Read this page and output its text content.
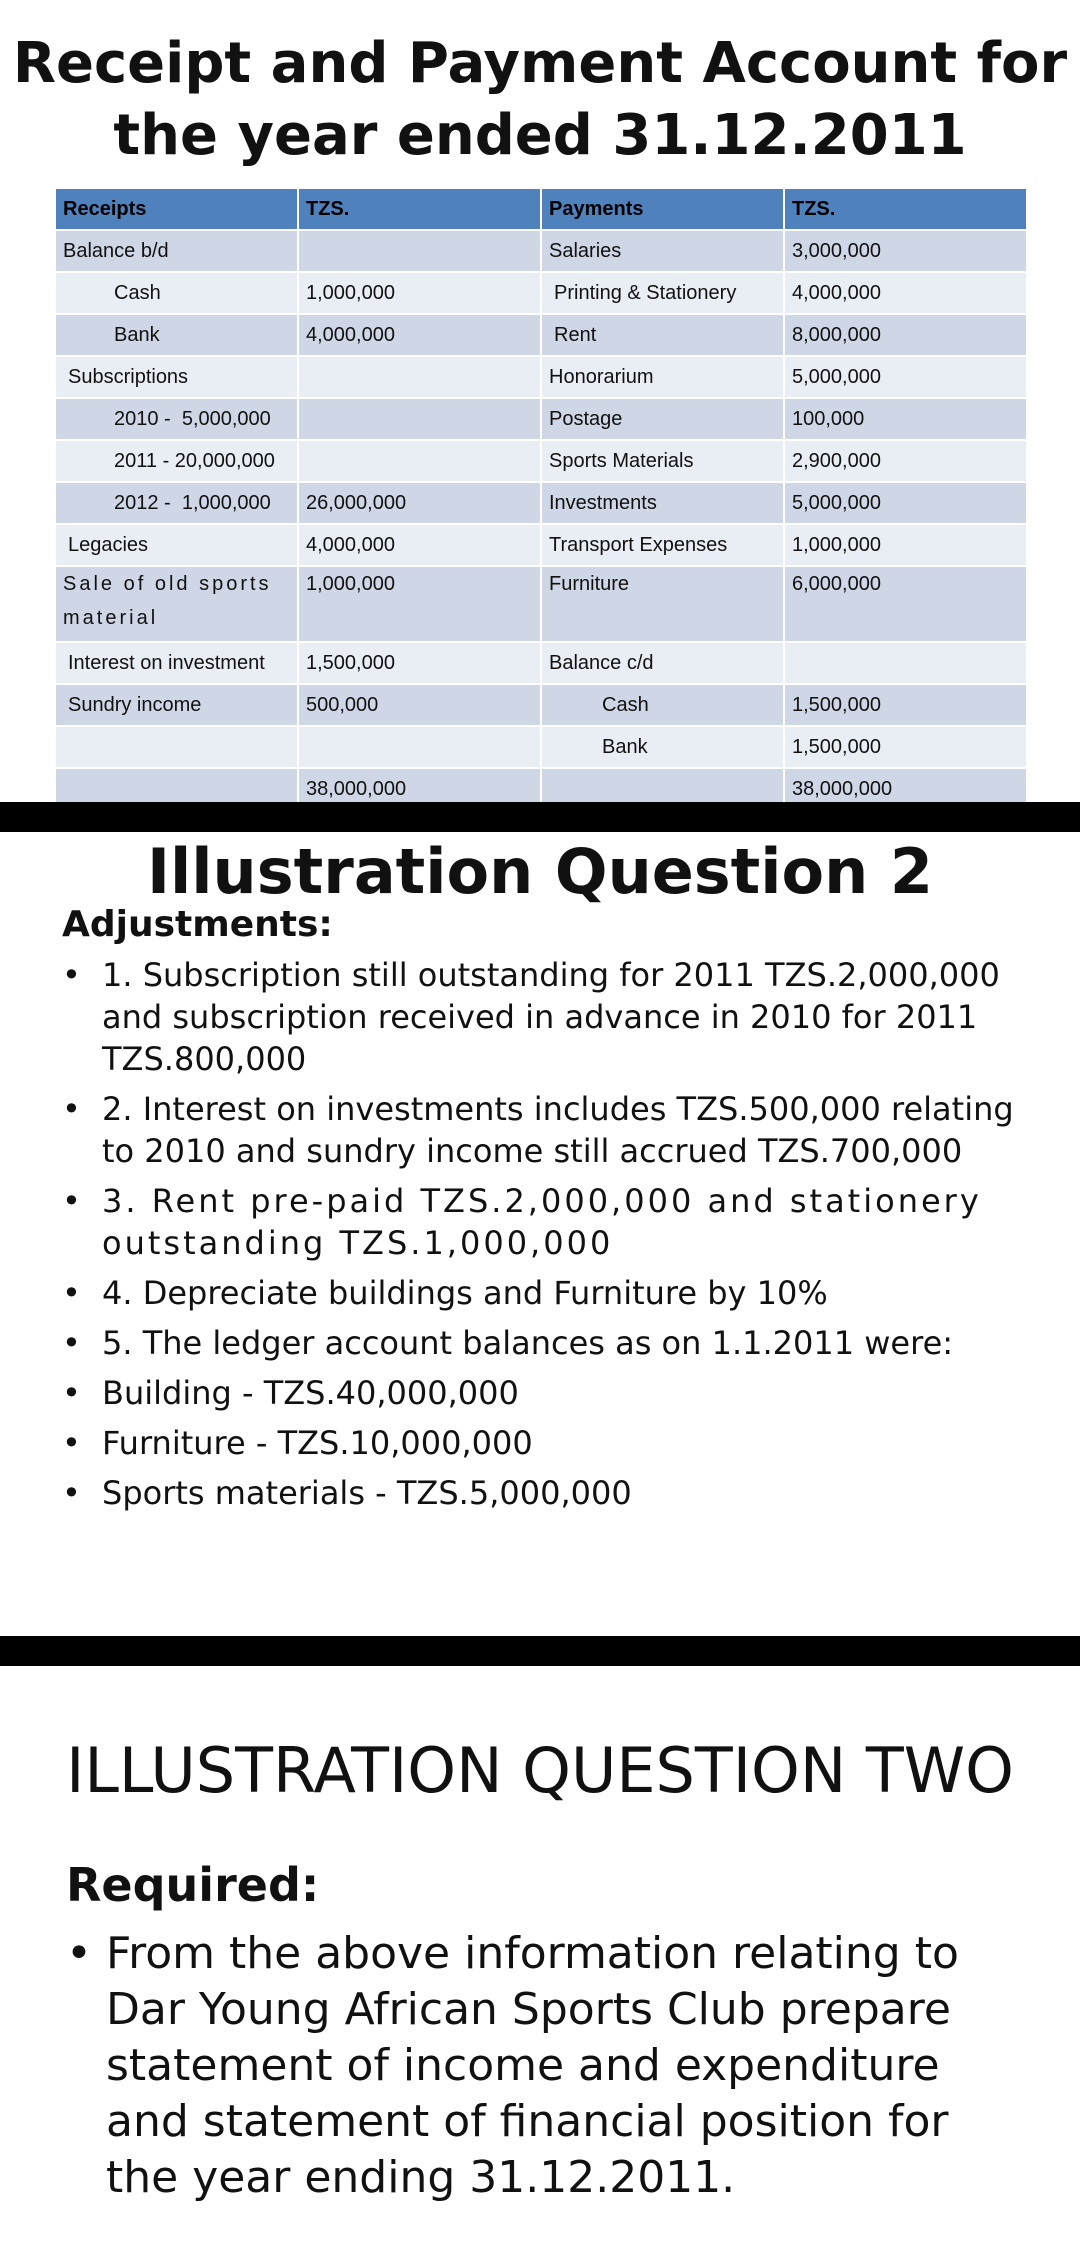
Receipt and Payment Account for
the year ended 31.12.2011
Receipts	TZS.	Payments	TZS.
Balance b/d		Salaries	3,000,000
Cash	1,000,000	Printing & Stationery	4,000,000
Bank	4,000,000	Rent	8,000,000
Subscriptions		Honorarium	5,000,000
2010 -  5,000,000		Postage	100,000
2011 - 20,000,000		Sports Materials	2,900,000
2012 -  1,000,000	26,000,000	Investments	5,000,000
Legacies	4,000,000	Transport Expenses	1,000,000
Sale of old sports material	1,000,000	Furniture	6,000,000
Interest on investment	1,500,000	Balance c/d	
Sundry income	500,000	Cash	1,500,000
		Bank	1,500,000
	38,000,000		38,000,000
Illustration Question 2
Adjustments:
• 1. Subscription still outstanding for 2011 TZS.2,000,000 and subscription received in advance in 2010 for 2011 TZS.800,000
• 2. Interest on investments includes TZS.500,000 relating to 2010 and sundry income still accrued TZS.700,000
• 3. Rent pre-paid TZS.2,000,000 and stationery outstanding TZS.1,000,000
• 4. Depreciate buildings and Furniture by 10%
• 5. The ledger account balances as on 1.1.2011 were:
• Building - TZS.40,000,000
• Furniture - TZS.10,000,000
• Sports materials - TZS.5,000,000
ILLUSTRATION QUESTION TWO
Required:
• From the above information relating to Dar Young African Sports Club prepare statement of income and expenditure and statement of financial position for the year ending 31.12.2011.
